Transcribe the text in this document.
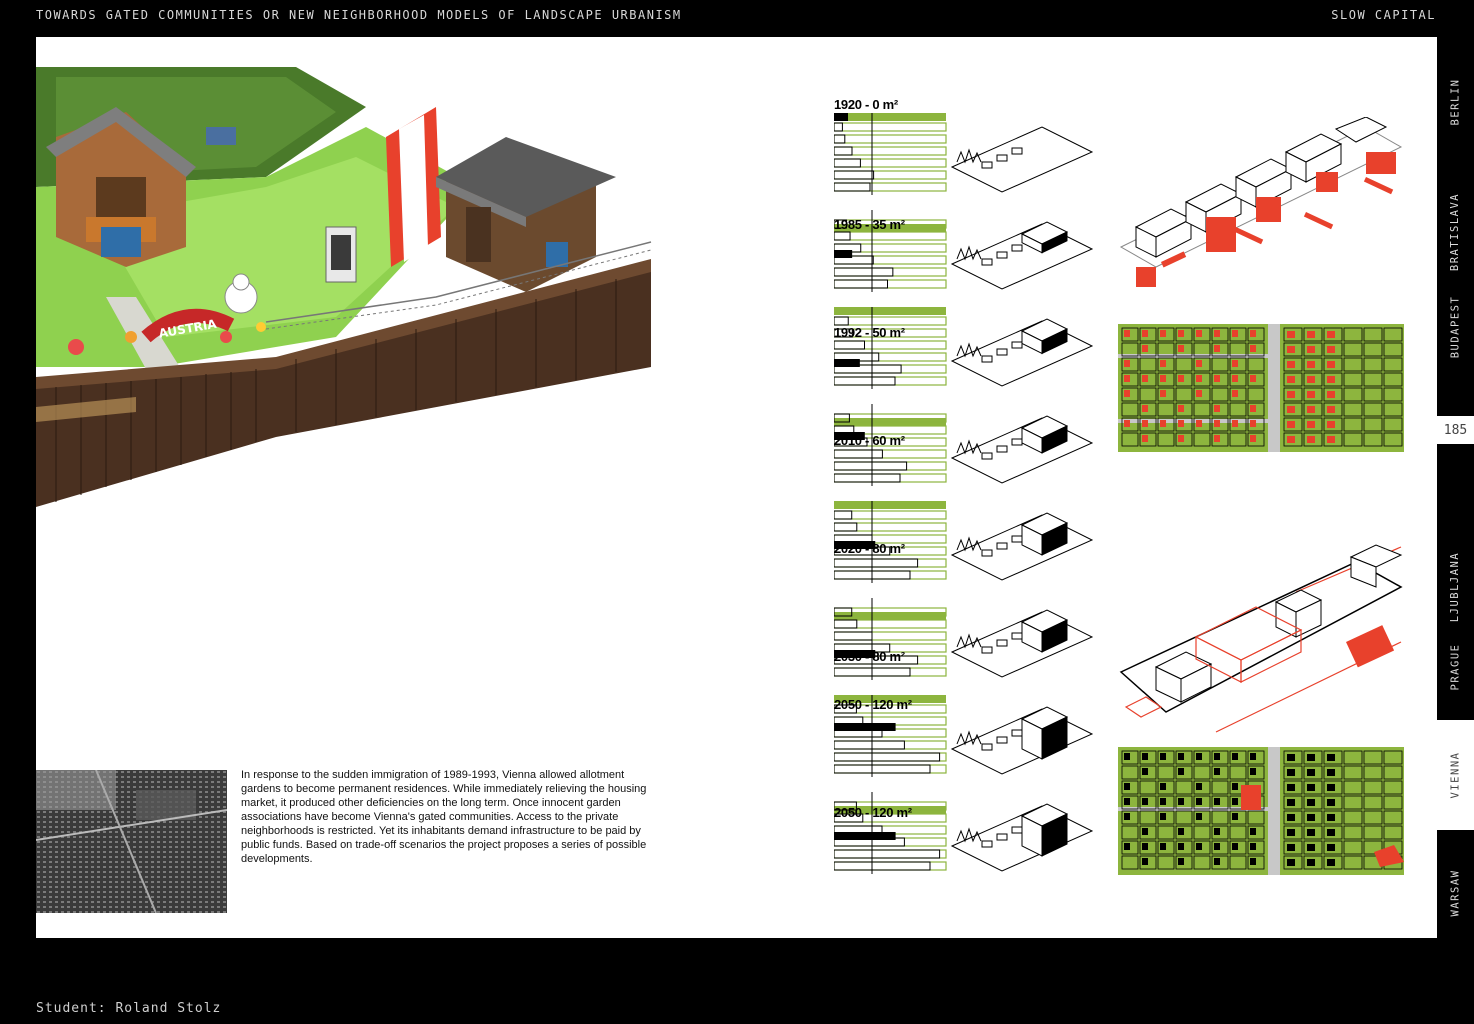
TOWARDS GATED COMMUNITIES OR NEW NEIGHBORHOOD MODELS OF LANDSCAPE URBANISM	SLOW CAPITAL
AUSTRIA
In response to the sudden immigration of 1989-1993, Vienna allowed allotment gardens to become permanent residences. While immediately relieving the housing market, it produced other deficiencies on the long term. Once innocent garden associations have become Vienna's gated communities. Access to the private neighborhoods is restricted. Yet its inhabitants demand infrastructure to be paid by public funds. Based on trade-off scenarios the project proposes a series of possible developments.
1920 - 0 m²
1985 - 35 m²
1992 - 50 m²
2010 - 60 m²
2020 - 80 m²
2030 - 80 m²
2050 - 120 m²
2050 - 120 m²
BERLIN
BRATISLAVA
BUDAPEST
LJUBLJANA
PRAGUE
VIENNA
WARSAW
185
Student: Roland Stolz
